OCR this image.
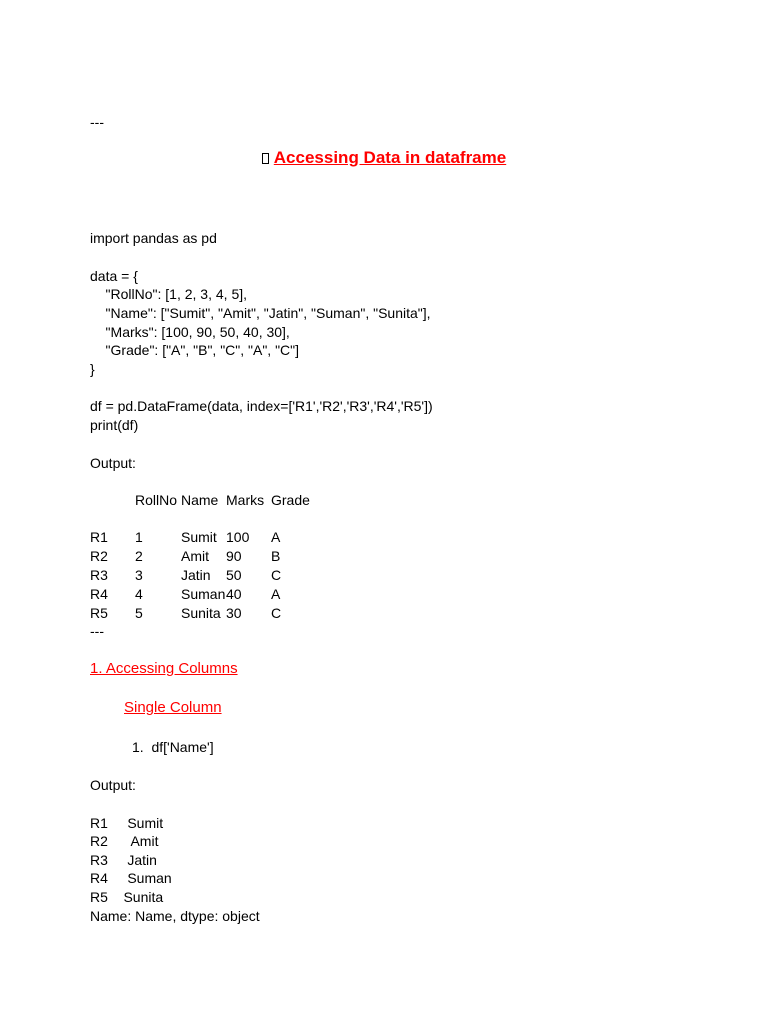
---
Accessing Data in dataframe
import pandas as pd
data = {
"RollNo": [1, 2, 3, 4, 5],
"Name": ["Sumit", "Amit", "Jatin", "Suman", "Sunita"],
"Marks": [100, 90, 50, 40, 30],
"Grade": ["A", "B", "C", "A", "C"]
}
df = pd.DataFrame(data, index=['R1','R2','R3','R4','R5'])
print(df)
Output:
RollNo Name Marks Grade
R1 1	Sumit 100 A
R2 2	Amit 90 B
R3 3	Jatin 50 C
R4 4	Suman 40 A
R5 5	Sunita 30 C
---
1. Accessing Columns
Single Column
1.  df['Name']
Output:
R1     Sumit
R2      Amit
R3     Jatin
R4     Suman
R5    Sunita
Name: Name, dtype: object
